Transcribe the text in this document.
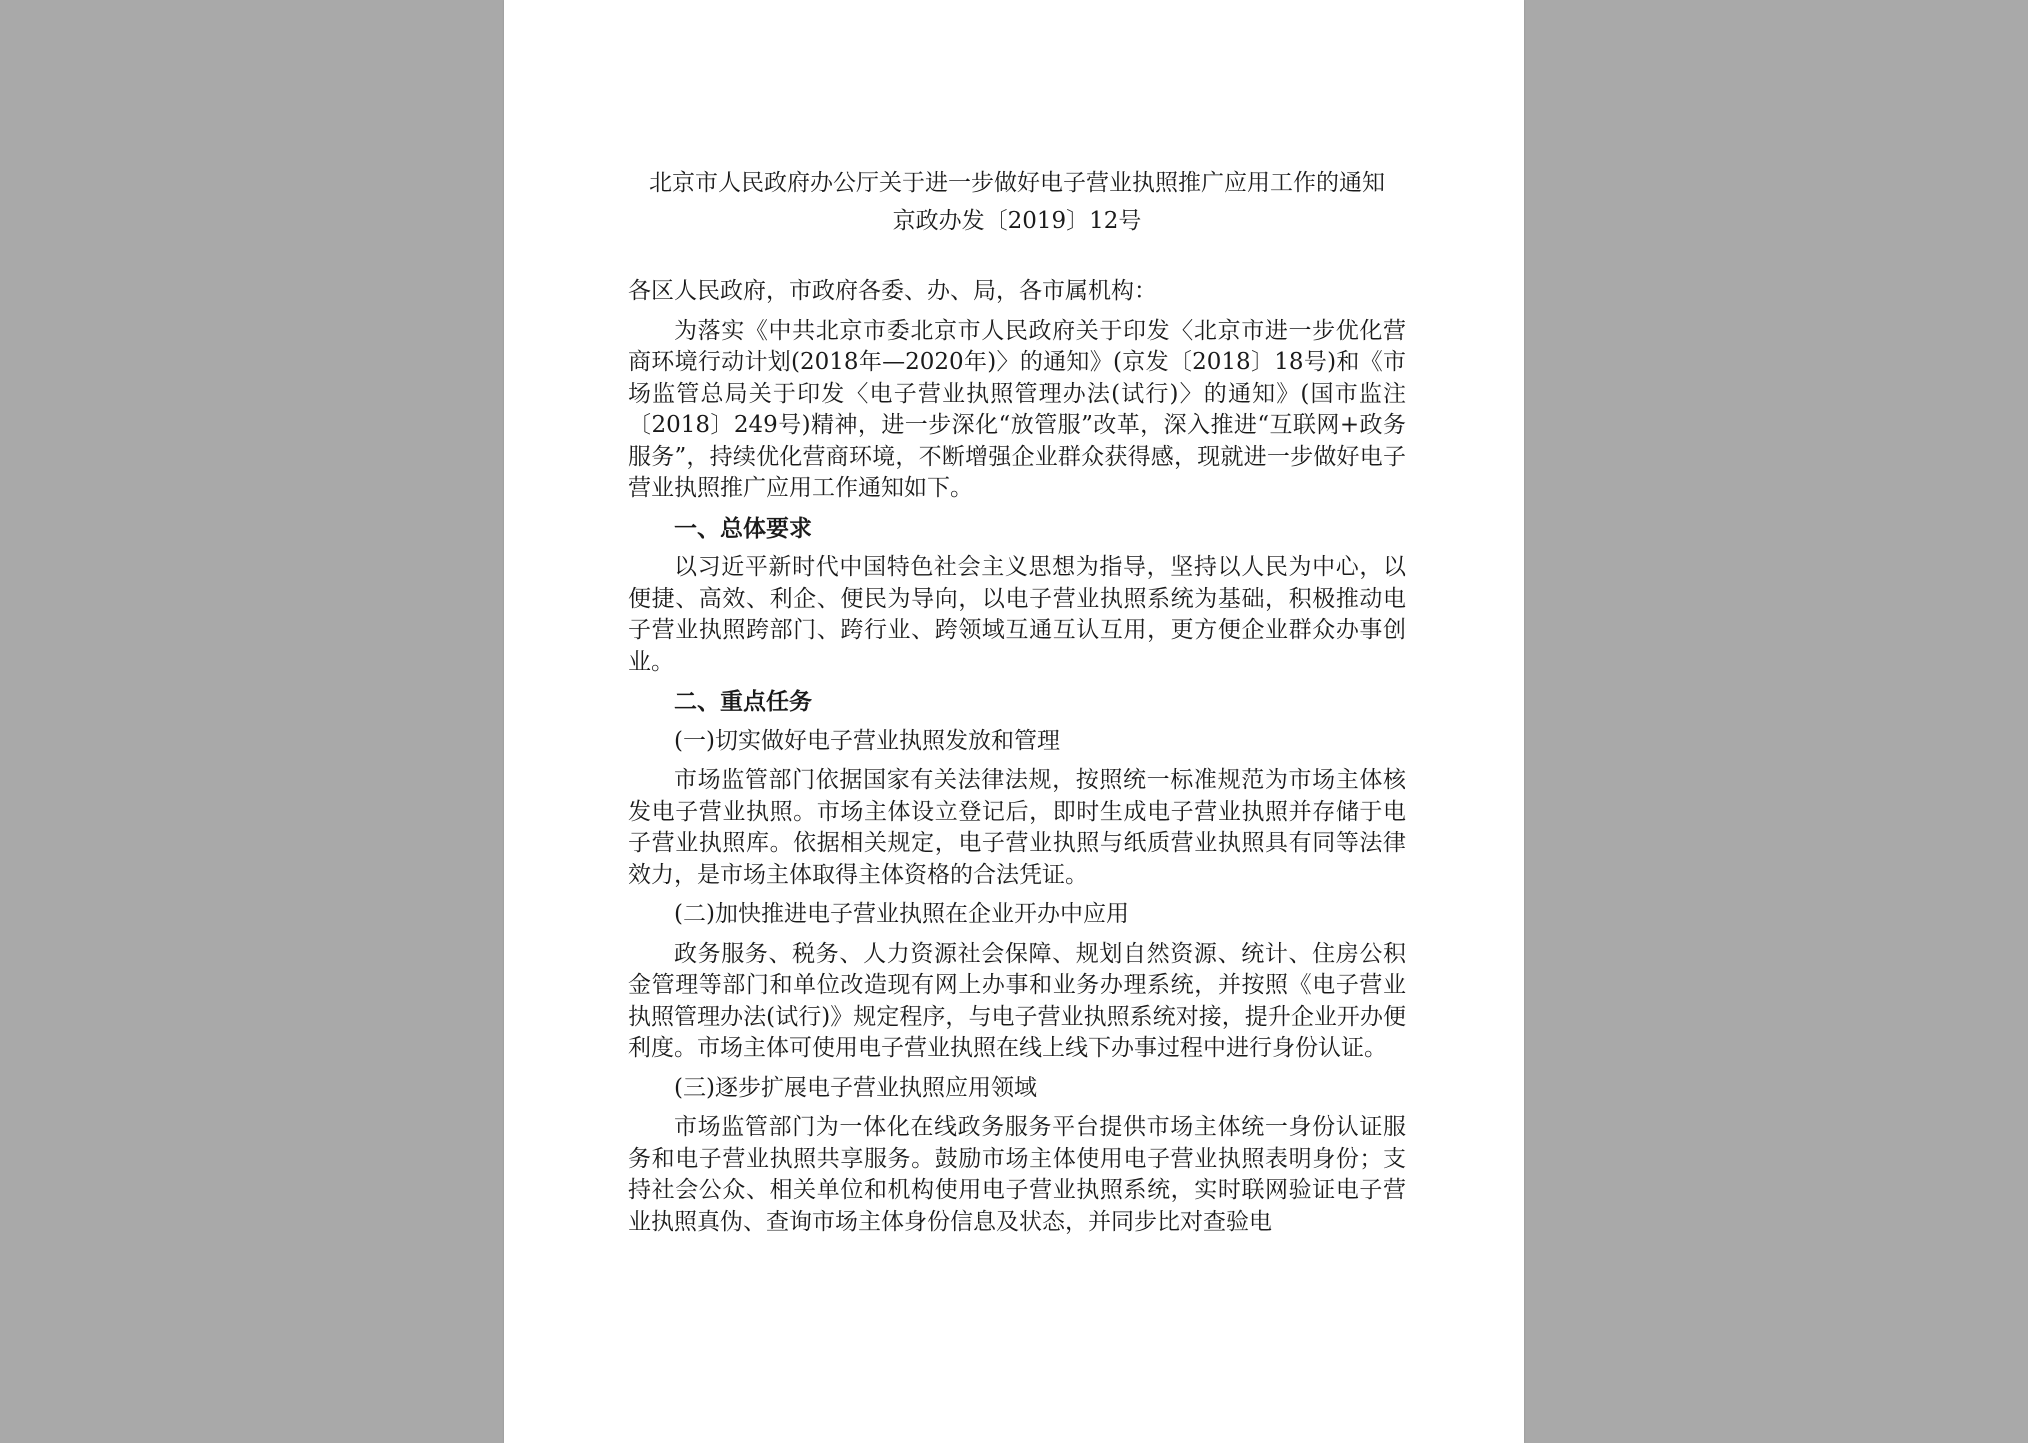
北京市人民政府办公厅关于进一步做好电子营业执照推广应用工作的通知

京政办发〔2019〕12号

各区人民政府，市政府各委、办、局，各市属机构：

为落实《中共北京市委北京市人民政府关于印发〈北京市进一步优化营商环境行动计划(2018年—2020年)〉的通知》(京发〔2018〕18号)和《市场监管总局关于印发〈电子营业执照管理办法(试行)〉的通知》(国市监注〔2018〕249号)精神，进一步深化“放管服”改革，深入推进“互联网+政务服务”，持续优化营商环境，不断增强企业群众获得感，现就进一步做好电子营业执照推广应用工作通知如下。

一、总体要求

以习近平新时代中国特色社会主义思想为指导，坚持以人民为中心，以便捷、高效、利企、便民为导向，以电子营业执照系统为基础，积极推动电子营业执照跨部门、跨行业、跨领域互通互认互用，更方便企业群众办事创业。

二、重点任务

(一)切实做好电子营业执照发放和管理

市场监管部门依据国家有关法律法规，按照统一标准规范为市场主体核发电子营业执照。市场主体设立登记后，即时生成电子营业执照并存储于电子营业执照库。依据相关规定，电子营业执照与纸质营业执照具有同等法律效力，是市场主体取得主体资格的合法凭证。

(二)加快推进电子营业执照在企业开办中应用

政务服务、税务、人力资源社会保障、规划自然资源、统计、住房公积金管理等部门和单位改造现有网上办事和业务办理系统，并按照《电子营业执照管理办法(试行)》规定程序，与电子营业执照系统对接，提升企业开办便利度。市场主体可使用电子营业执照在线上线下办事过程中进行身份认证。

(三)逐步扩展电子营业执照应用领域

市场监管部门为一体化在线政务服务平台提供市场主体统一身份认证服务和电子营业执照共享服务。鼓励市场主体使用电子营业执照表明身份；支持社会公众、相关单位和机构使用电子营业执照系统，实时联网验证电子营业执照真伪、查询市场主体身份信息及状态，并同步比对查验电
